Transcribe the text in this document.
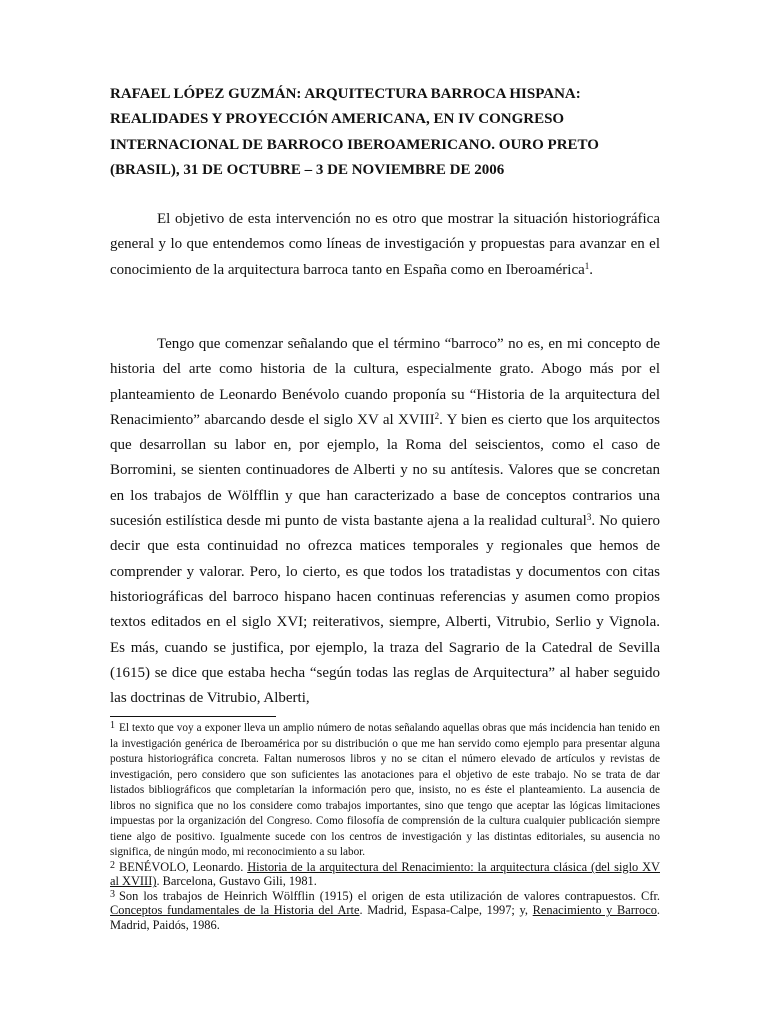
RAFAEL LÓPEZ GUZMÁN: ARQUITECTURA BARROCA HISPANA: REALIDADES Y PROYECCIÓN AMERICANA, EN IV CONGRESO INTERNACIONAL DE BARROCO IBEROAMERICANO. OURO PRETO (BRASIL), 31 DE OCTUBRE – 3 DE NOVIEMBRE DE 2006

El objetivo de esta intervención no es otro que mostrar la situación historiográfica general y lo que entendemos como líneas de investigación y propuestas para avanzar en el conocimiento de la arquitectura barroca tanto en España como en Iberoamérica$^1$.

Tengo que comenzar señalando que el término “barroco” no es, en mi concepto de historia del arte como historia de la cultura, especialmente grato. Abogo más por el planteamiento de Leonardo Benévolo cuando proponía su “Historia de la arquitectura del Renacimiento” abarcando desde el siglo XV al XVIII$^2$. Y bien es cierto que los arquitectos que desarrollan su labor en, por ejemplo, la Roma del seiscientos, como el caso de Borromini, se sienten continuadores de Alberti y no su antítesis. Valores que se concretan en los trabajos de Wölfflin y que han caracterizado a base de conceptos contrarios una sucesión estilística desde mi punto de vista bastante ajena a la realidad cultural$^3$. No quiero decir que esta continuidad no ofrezca matices temporales y regionales que hemos de comprender y valorar. Pero, lo cierto, es que todos los tratadistas y documentos con citas historiográficas del barroco hispano hacen continuas referencias y asumen como propios textos editados en el siglo XVI; reiterativos, siempre, Alberti, Vitrubio, Serlio y Vignola. Es más, cuando se justifica, por ejemplo, la traza del Sagrario de la Catedral de Sevilla (1615) se dice que estaba hecha “según todas las reglas de Arquitectura” al haber seguido las doctrinas de Vitrubio, Alberti,

$^1$ El texto que voy a exponer lleva un amplio número de notas señalando aquellas obras que más incidencia han tenido en la investigación genérica de Iberoamérica por su distribución o que me han servido como ejemplo para presentar alguna postura historiográfica concreta. Faltan numerosos libros y no se citan el número elevado de artículos y revistas de investigación, pero considero que son suficientes las anotaciones para el objetivo de este trabajo. No se trata de dar listados bibliográficos que completarían la información pero que, insisto, no es éste el planteamiento. La ausencia de libros no significa que no los considere como trabajos importantes, sino que tengo que aceptar las lógicas limitaciones impuestas por la organización del Congreso. Como filosofía de comprensión de la cultura cualquier publicación siempre tiene algo de positivo. Igualmente sucede con los centros de investigación y las distintas editoriales, su ausencia no significa, de ningún modo, mi reconocimiento a su labor.

$^2$ BENÉVOLO, Leonardo. Historia de la arquitectura del Renacimiento: la arquitectura clásica (del siglo XV al XVIII). Barcelona, Gustavo Gili, 1981.

$^3$ Son los trabajos de Heinrich Wölfflin (1915) el origen de esta utilización de valores contrapuestos. Cfr. Conceptos fundamentales de la Historia del Arte. Madrid, Espasa-Calpe, 1997; y, Renacimiento y Barroco. Madrid, Paidós, 1986.
